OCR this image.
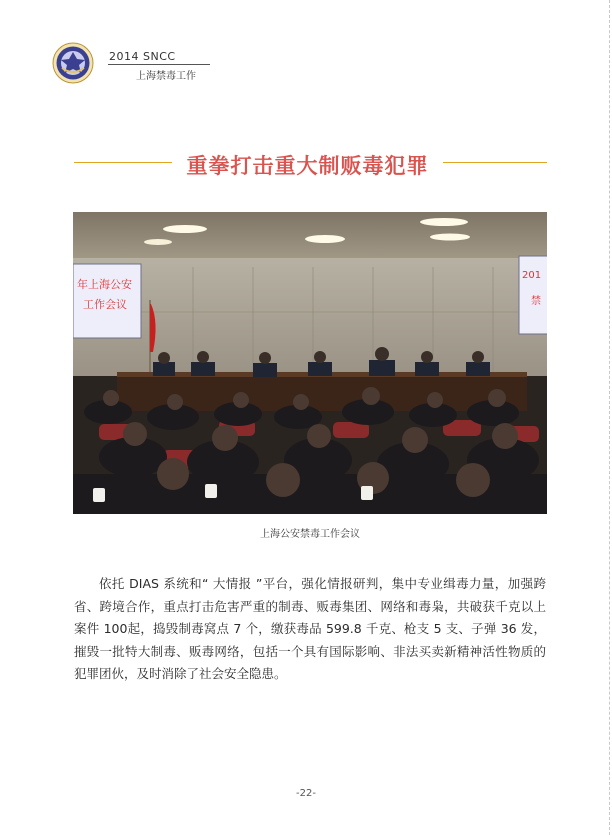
2014 SNCC
上海禁毒工作
重拳打击重大制贩毒犯罪
年上海公安
工作会议
201
禁
上海公安禁毒工作会议
依托 DIAS 系统和“ 大情报 ”平台，强化情报研判，集中专业缉毒力量，加强跨省、跨境合作，重点打击危害严重的制毒、贩毒集团、网络和毒枭，共破获千克以上案件 100起，捣毁制毒窝点 7 个，缴获毒品 599.8 千克、枪支 5 支、子弹 36 发，摧毁一批特大制毒、贩毒网络，包括一个具有国际影响、非法买卖新精神活性物质的犯罪团伙，及时消除了社会安全隐患。
-22-
